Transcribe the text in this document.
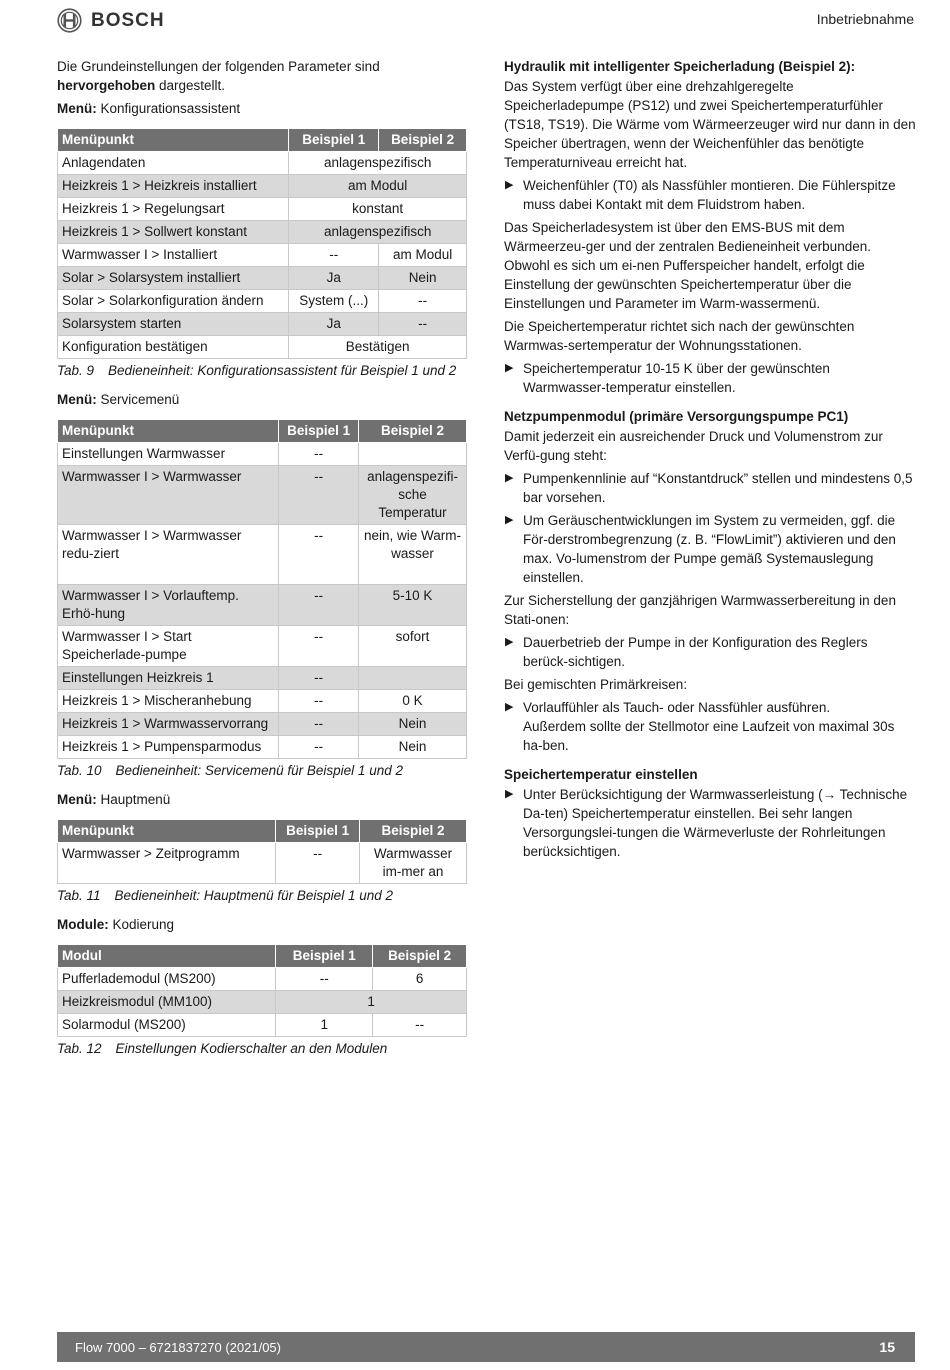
BOSCH	Inbetriebnahme

Die Grundeinstellungen der folgenden Parameter sind hervorgehoben dargestellt.

Menü: Konfigurationsassistent

Menüpunkt	Beispiel 1	Beispiel 2
Anlagendaten	anlagenspezifisch	
Heizkreis 1 > Heizkreis installiert	am Modul	
Heizkreis 1 > Regelungsart	konstant	
Heizkreis 1 > Sollwert konstant	anlagenspezifisch	
Warmwasser I > Installiert	--	am Modul
Solar > Solarsystem installiert	Ja	Nein
Solar > Solarkonfiguration ändern	System (...)	--
Solarsystem starten	Ja	--
Konfiguration bestätigen	Bestätigen	
Tab. 9 Bedieneinheit: Konfigurationsassistent für Beispiel 1 und 2

Menü: Servicemenü

Menüpunkt	Beispiel 1	Beispiel 2
Einstellungen Warmwasser	--	
Warmwasser I > Warmwasser	--	anlagenspezifi-sche Temperatur
Warmwasser I > Warmwasser redu-ziert	--	nein, wie Warm-wasser
Warmwasser I > Vorlauftemp. Erhö-hung	--	5-10 K
Warmwasser I > Start Speicherlade-pumpe	--	sofort
Einstellungen Heizkreis 1	--	
Heizkreis 1 > Mischeranhebung	--	0 K
Heizkreis 1 > Warmwasservorrang	--	Nein
Heizkreis 1 > Pumpensparmodus	--	Nein
Tab. 10 Bedieneinheit: Servicemenü für Beispiel 1 und 2

Menü: Hauptmenü

Menüpunkt	Beispiel 1	Beispiel 2
Warmwasser > Zeitprogramm	--	Warmwasser im-mer an
Tab. 11 Bedieneinheit: Hauptmenü für Beispiel 1 und 2

Module: Kodierung

Modul	Beispiel 1	Beispiel 2
Pufferlademodul (MS200)	--	6
Heizkreismodul (MM100)	1	
Solarmodul (MS200)	1	--
Tab. 12 Einstellungen Kodierschalter an den Modulen
Hydraulik mit intelligenter Speicherladung (Beispiel 2):

Das System verfügt über eine drehzahlgeregelte Speicherladepumpe (PS12) und zwei Speichertemperaturfühler (TS18, TS19). Die Wärme vom Wärmeerzeuger wird nur dann in den Speicher übertragen, wenn der Weichenfühler das benötigte Temperaturniveau erreicht hat.

▶ Weichenfühler (T0) als Nassfühler montieren. Die Fühlerspitze muss dabei Kontakt mit dem Fluidstrom haben.

Das Speicherladesystem ist über den EMS-BUS mit dem Wärmeerzeu-ger und der zentralen Bedieneinheit verbunden. Obwohl es sich um ei-nen Pufferspeicher handelt, erfolgt die Einstellung der gewünschten Speichertemperatur über die Einstellungen und Parameter im Warm-wassermenü.

Die Speichertemperatur richtet sich nach der gewünschten Warmwas-sertemperatur der Wohnungsstationen.

▶ Speichertemperatur 10-15 K über der gewünschten Warmwasser-temperatur einstellen.
Netzpumpenmodul (primäre Versorgungspumpe PC1)

Damit jederzeit ein ausreichender Druck und Volumenstrom zur Verfü-gung steht:

▶ Pumpenkennlinie auf “Konstantdruck” stellen und mindestens 0,5 bar vorsehen.
▶ Um Geräuschentwicklungen im System zu vermeiden, ggf. die För-derstrombegrenzung (z. B. “FlowLimit”) aktivieren und den max. Vo-lumenstrom der Pumpe gemäß Systemauslegung einstellen.

Zur Sicherstellung der ganzjährigen Warmwasserbereitung in den Stati-onen:

▶ Dauerbetrieb der Pumpe in der Konfiguration des Reglers berück-sichtigen.

Bei gemischten Primärkreisen:

▶ Vorlauffühler als Tauch- oder Nassfühler ausführen.
Außerdem sollte der Stellmotor eine Laufzeit von maximal 30s ha-ben.
Speichertemperatur einstellen
▶ Unter Berücksichtigung der Warmwasserleistung (→ Technische Da-ten) Speichertemperatur einstellen. Bei sehr langen Versorgungslei-tungen die Wärmeverluste der Rohrleitungen berücksichtigen.
Flow 7000 – 6721837270 (2021/05)	15
